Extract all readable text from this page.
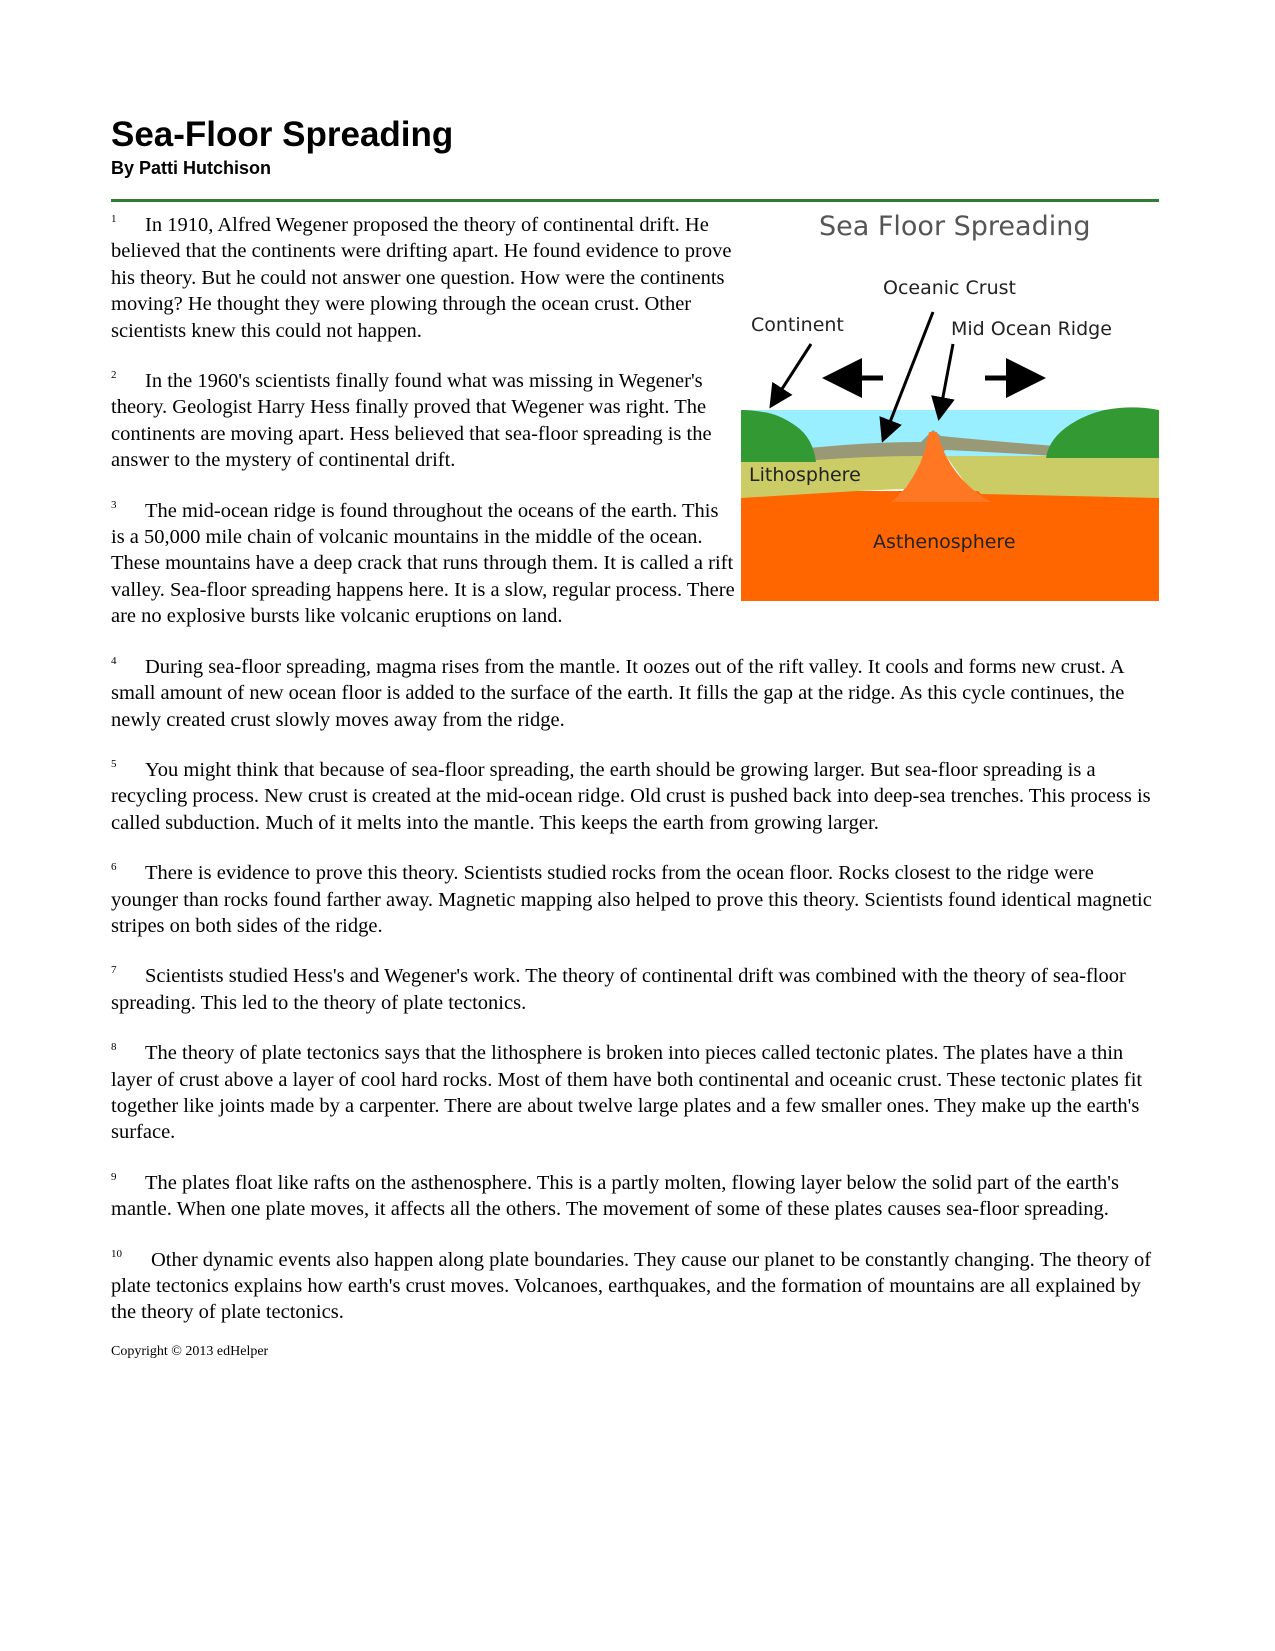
Sea-Floor Spreading
By Patti Hutchison
Sea Floor Spreading
Oceanic Crust
Continent	Mid Ocean Ridge
Lithosphere
Asthenosphere

1 In 1910, Alfred Wegener proposed the theory of continental drift. He believed that the continents were drifting apart. He found evidence to prove his theory. But he could not answer one question. How were the continents moving? He thought they were plowing through the ocean crust. Other scientists knew this could not happen.

2 In the 1960's scientists finally found what was missing in Wegener's theory. Geologist Harry Hess finally proved that Wegener was right. The continents are moving apart. Hess believed that sea-floor spreading is the answer to the mystery of continental drift.

3 The mid-ocean ridge is found throughout the oceans of the earth. This is a 50,000 mile chain of volcanic mountains in the middle of the ocean. These mountains have a deep crack that runs through them. It is called a rift valley. Sea-floor spreading happens here. It is a slow, regular process. There are no explosive bursts like volcanic eruptions on land.

4 During sea-floor spreading, magma rises from the mantle. It oozes out of the rift valley. It cools and forms new crust. A small amount of new ocean floor is added to the surface of the earth. It fills the gap at the ridge. As this cycle continues, the newly created crust slowly moves away from the ridge.

5 You might think that because of sea-floor spreading, the earth should be growing larger. But sea-floor spreading is a recycling process. New crust is created at the mid-ocean ridge. Old crust is pushed back into deep-sea trenches. This process is called subduction. Much of it melts into the mantle. This keeps the earth from growing larger.

6 There is evidence to prove this theory. Scientists studied rocks from the ocean floor. Rocks closest to the ridge were younger than rocks found farther away. Magnetic mapping also helped to prove this theory. Scientists found identical magnetic stripes on both sides of the ridge.

7 Scientists studied Hess's and Wegener's work. The theory of continental drift was combined with the theory of sea-floor spreading. This led to the theory of plate tectonics.

8 The theory of plate tectonics says that the lithosphere is broken into pieces called tectonic plates. The plates have a thin layer of crust above a layer of cool hard rocks. Most of them have both continental and oceanic crust. These tectonic plates fit together like joints made by a carpenter. There are about twelve large plates and a few smaller ones. They make up the earth's surface.

9 The plates float like rafts on the asthenosphere. This is a partly molten, flowing layer below the solid part of the earth's mantle. When one plate moves, it affects all the others. The movement of some of these plates causes sea-floor spreading.

10 Other dynamic events also happen along plate boundaries. They cause our planet to be constantly changing. The theory of plate tectonics explains how earth's crust moves. Volcanoes, earthquakes, and the formation of mountains are all explained by the theory of plate tectonics.

Copyright © 2013 edHelper
